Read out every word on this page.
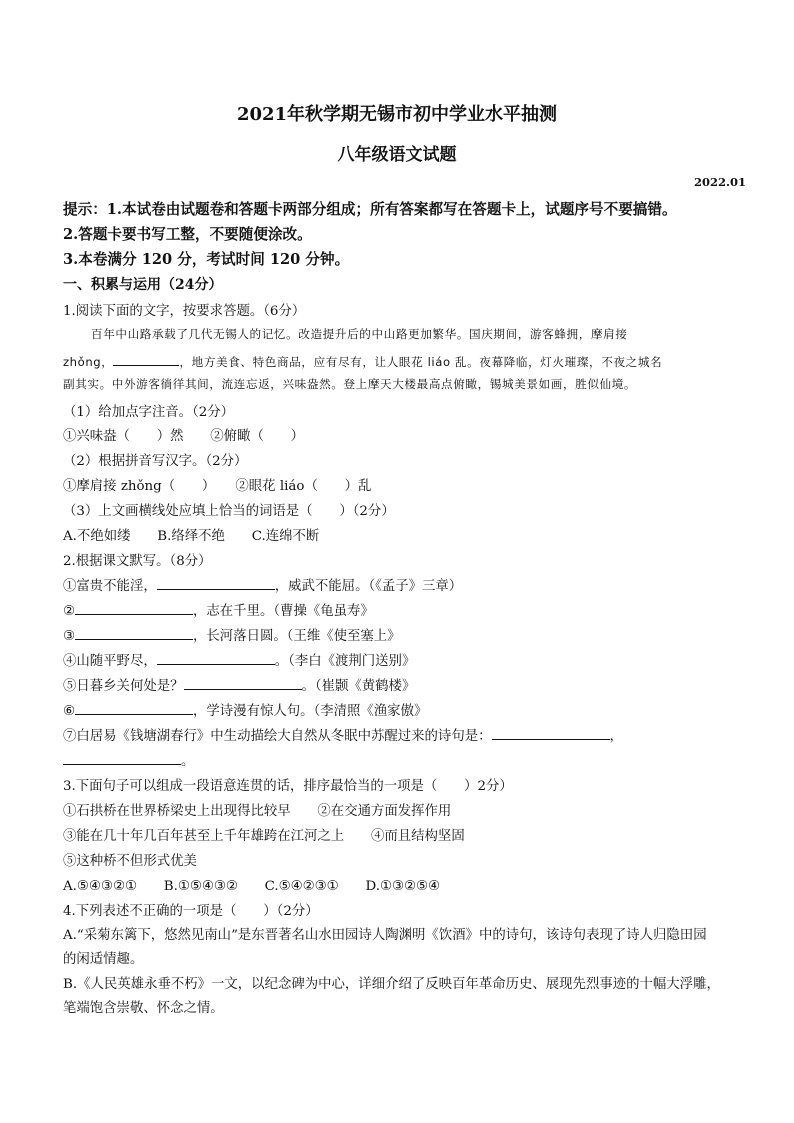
2021年秋学期无锡市初中学业水平抽测
八年级语文试题
2022.01
提示：1.本试卷由试题卷和答题卡两部分组成；所有答案都写在答题卡上，试题序号不要搞错。
2.答题卡要书写工整，不要随便涂改。
3.本卷满分 120 分，考试时间 120 分钟。
一、积累与运用（24分）
1.阅读下面的文字，按要求答题。（6分）
百年中山路承载了几代无锡人的记忆。改造提升后的中山路更加繁华。国庆期间，游客蜂拥，摩肩接
zhǒng，	，地方美食、特色商品，应有尽有，让人眼花 liáo 乱。夜幕降临，灯火璀璨，不夜之城名
副其实。中外游客徜徉其间，流连忘返，兴味盎然。登上摩天大楼最高点俯瞰，锡城美景如画，胜似仙境。
（1）给加点字注音。（2分）
①兴味盎（　　）然　　②俯瞰（　　）
（2）根据拼音写汉字。（2分）
①摩肩接 zhǒng（　　）　　②眼花 liáo（　　）乱
（3）上文画横线处应填上恰当的词语是（　　）（2分）
A.不绝如缕　　B.络绎不绝　　C.连绵不断
2.根据课文默写。（8分）
①富贵不能淫，	，威武不能屈。（《孟子》三章）
②	，志在千里。（曹操《龟虽寿》
③	，长河落日圆。（王维《使至塞上》
④山随平野尽，	。（李白《渡荆门送别》
⑤日暮乡关何处是？	。（崔颢《黄鹤楼》
⑥	，学诗漫有惊人句。（李清照《渔家傲》
⑦白居易《钱塘湖春行》中生动描绘大自然从冬眠中苏醒过来的诗句是：	，
。
3.下面句子可以组成一段语意连贯的话，排序最恰当的一项是（　　）2分）
①石拱桥在世界桥梁史上出现得比较早　　②在交通方面发挥作用
③能在几十年几百年甚至上千年雄跨在江河之上　　④而且结构坚固
⑤这种桥不但形式优美
A.⑤④③②①　　B.①⑤④③②　　C.⑤④②③①　　D.①③②⑤④
4.下列表述不正确的一项是（　　）（2分）
A.“采菊东篱下，悠然见南山”是东晋著名山水田园诗人陶渊明《饮酒》中的诗句，该诗句表现了诗人归隐田园
的闲适情趣。
B.《人民英雄永垂不朽》一文，以纪念碑为中心，详细介绍了反映百年革命历史、展现先烈事迹的十幅大浮雕，
笔端饱含崇敬、怀念之情。
